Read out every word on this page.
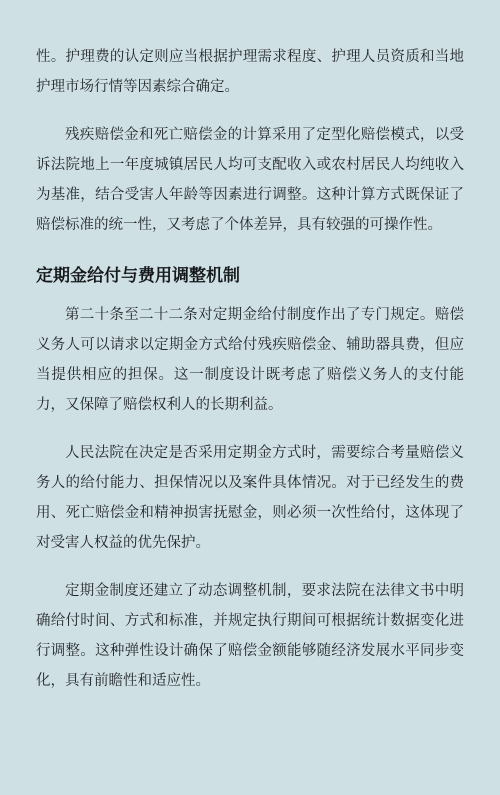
性。护理费的认定则应当根据护理需求程度、护理人员资质和当地护理市场行情等因素综合确定。

残疾赔偿金和死亡赔偿金的计算采用了定型化赔偿模式，以受诉法院地上一年度城镇居民人均可支配收入或农村居民人均纯收入为基准，结合受害人年龄等因素进行调整。这种计算方式既保证了赔偿标准的统一性，又考虑了个体差异，具有较强的可操作性。

定期金给付与费用调整机制

第二十条至二十二条对定期金给付制度作出了专门规定。赔偿义务人可以请求以定期金方式给付残疾赔偿金、辅助器具费，但应当提供相应的担保。这一制度设计既考虑了赔偿义务人的支付能力，又保障了赔偿权利人的长期利益。

人民法院在决定是否采用定期金方式时，需要综合考量赔偿义务人的给付能力、担保情况以及案件具体情况。对于已经发生的费用、死亡赔偿金和精神损害抚慰金，则必须一次性给付，这体现了对受害人权益的优先保护。

定期金制度还建立了动态调整机制，要求法院在法律文书中明确给付时间、方式和标准，并规定执行期间可根据统计数据变化进行调整。这种弹性设计确保了赔偿金额能够随经济发展水平同步变化，具有前瞻性和适应性。
